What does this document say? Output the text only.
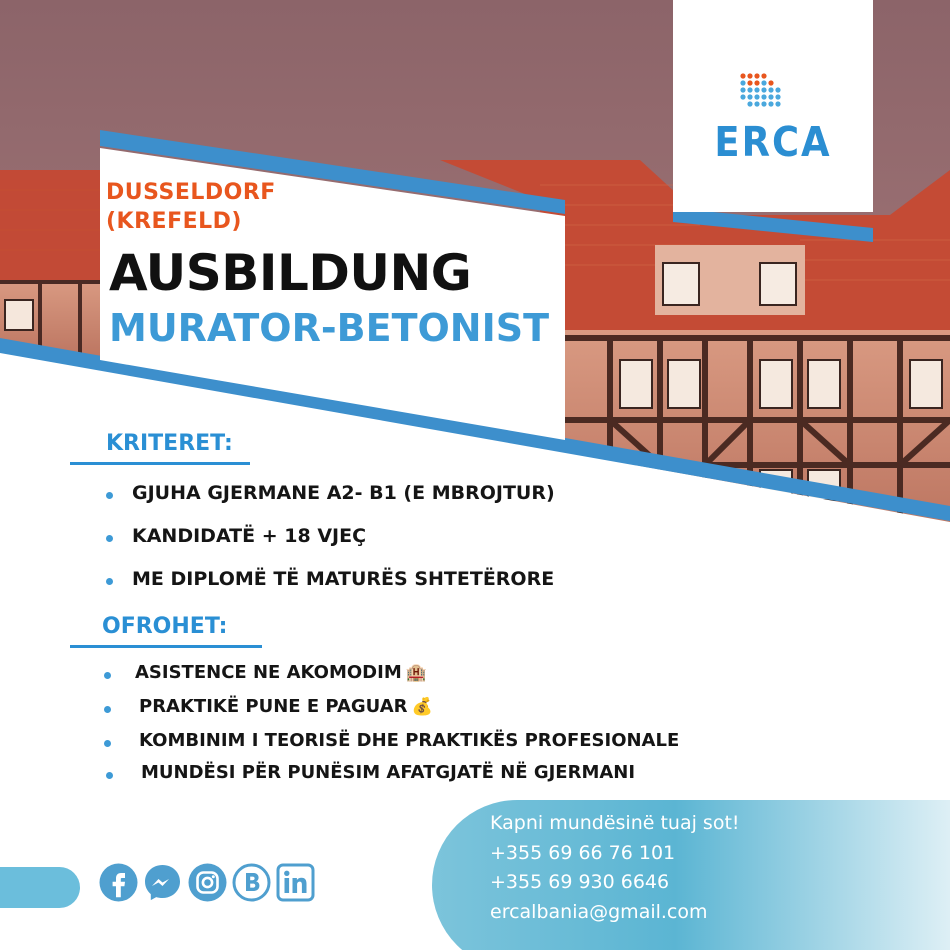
ERCA
DUSSELDORF
(KREFELD)
AUSBILDUNG
MURATOR-BETONIST
KRITERET:
GJUHA GJERMANE A2- B1 (E MBROJTUR)
KANDIDATË + 18 VJEÇ
ME DIPLOMË TË MATURËS SHTETËRORE
OFROHET:
ASISTENCE NE AKOMODIM 🏨
PRAKTIKË PUNE E PAGUAR 💰
KOMBINIM I TEORISË DHE PRAKTIKËS PROFESIONALE
MUNDËSI PËR PUNËSIM AFATGJATË NË GJERMANI
Kapni mundësinë tuaj sot!
+355 69 66 76 101
+355 69 930 6646
ercalbania@gmail.com
